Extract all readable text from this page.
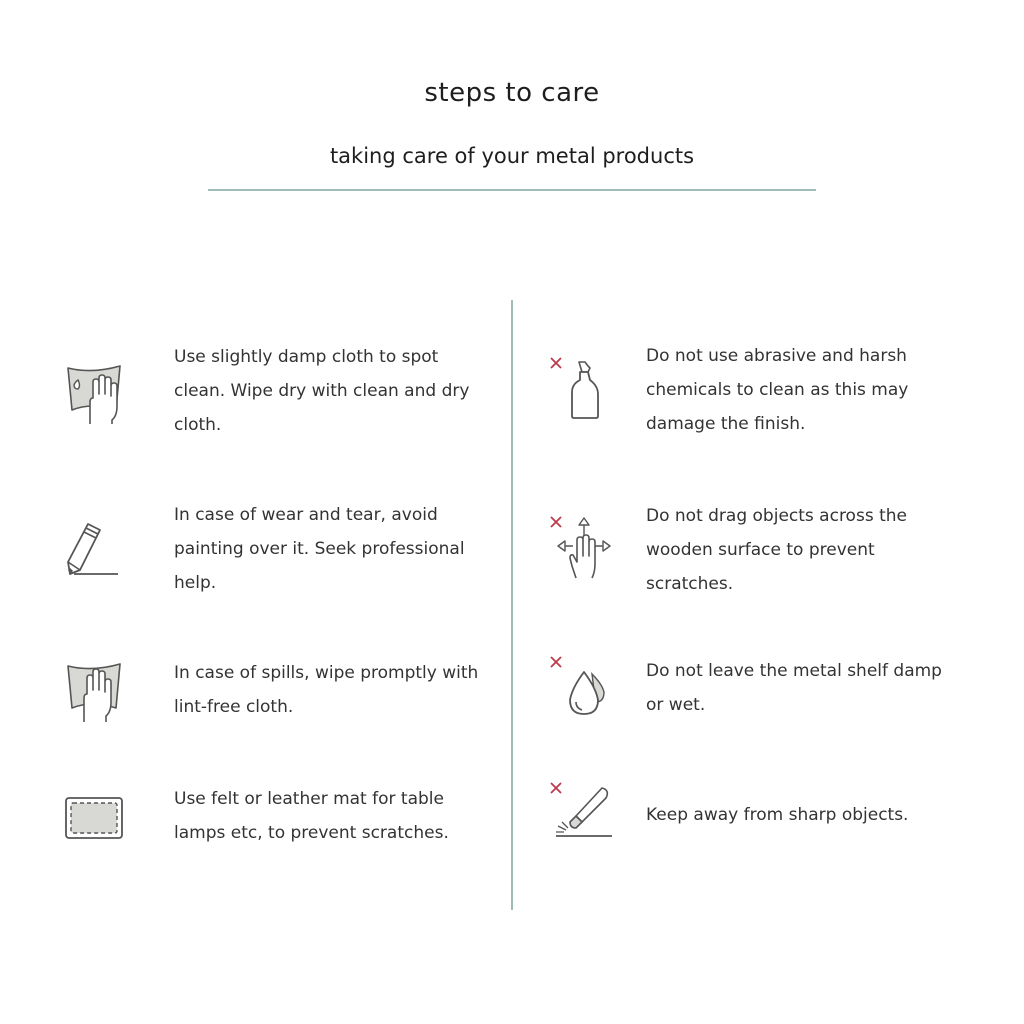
steps to care
taking care of your metal products
Use slightly damp cloth to spot clean. Wipe dry with clean and dry cloth.
In case of wear and tear, avoid painting over it. Seek professional help.
In case of spills, wipe promptly with lint-free cloth.
Use felt or leather mat for table lamps etc, to prevent scratches.
Do not use abrasive and harsh chemicals to clean as this may damage the finish.
Do not drag objects across the wooden surface to prevent scratches.
Do not leave the metal shelf damp or wet.
Keep away from sharp objects.
